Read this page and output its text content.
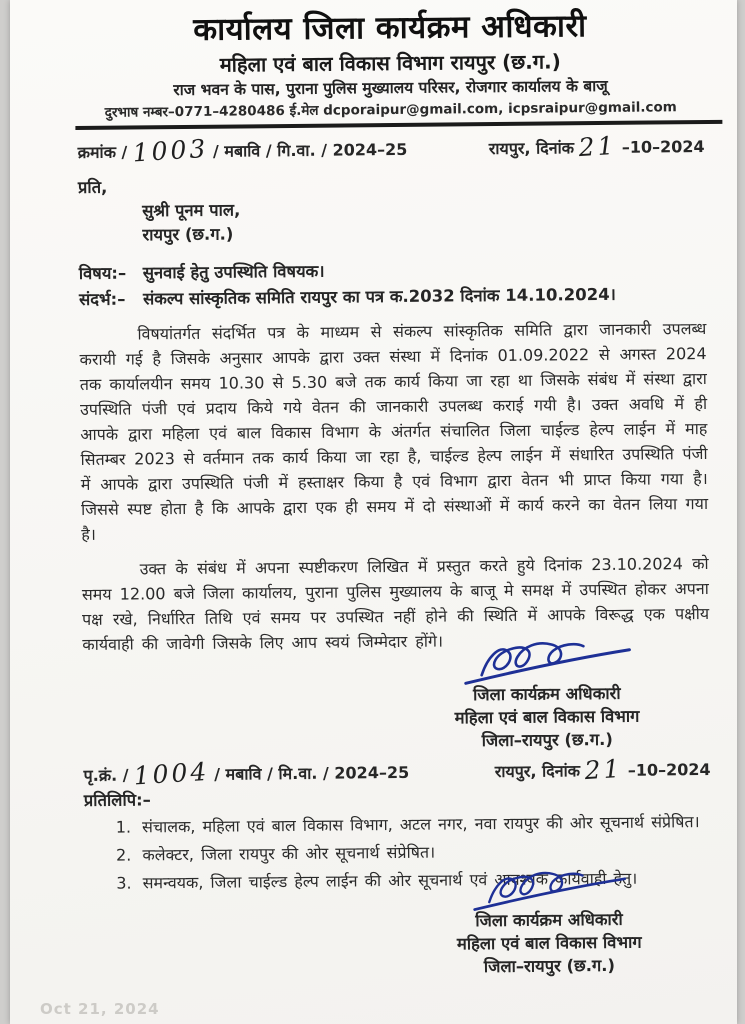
कार्यालय जिला कार्यक्रम अधिकारी
महिला एवं बाल विकास विभाग रायपुर (छ.ग.)
राज भवन के पास, पुराना पुलिस मुख्यालय परिसर, रोजगार कार्यालय के बाजू
दुरभाष नम्बर–0771–4280486 ई.मेल dcporaipur@gmail.com, icpsraipur@gmail.com
क्रमांक / 1003 / मबावि / गि.वा. / 2024–25	रायपुर, दिनांक 21 –10–2024
प्रति,
सुश्री पूनम पाल,
रायपुर (छ.ग.)
विषय:– सुनवाई हेतु उपस्थिति विषयक।
संदर्भ:–	संकल्प सांस्कृतिक समिति रायपुर का पत्र क.2032 दिनांक 14.10.2024।

विषयांतर्गत संदर्भित पत्र के माध्यम से संकल्प सांस्कृतिक समिति द्वारा जानकारी उपलब्ध करायी गई है जिसके अनुसार आपके द्वारा उक्त संस्था में दिनांक 01.09.2022 से अगस्त 2024 तक कार्यालयीन समय 10.30 से 5.30 बजे तक कार्य किया जा रहा था जिसके संबंध में संस्था द्वारा उपस्थिति पंजी एवं प्रदाय किये गये वेतन की जानकारी उपलब्ध कराई गयी है। उक्त अवधि में ही आपके द्वारा महिला एवं बाल विकास विभाग के अंतर्गत संचालित जिला चाईल्ड हेल्प लाईन में माह सितम्बर 2023 से वर्तमान तक कार्य किया जा रहा है, चाईल्ड हेल्प लाईन में संधारित उपस्थिति पंजी में आपके द्वारा उपस्थिति पंजी में हस्ताक्षर किया है एवं विभाग द्वारा वेतन भी प्राप्त किया गया है। जिससे स्पष्ट होता है कि आपके द्वारा एक ही समय में दो संस्थाओं में कार्य करने का वेतन लिया गया है।

उक्त के संबंध में अपना स्पष्टीकरण लिखित में प्रस्तुत करते हुये दिनांक 23.10.2024 को समय 12.00 बजे जिला कार्यालय, पुराना पुलिस मुख्यालय के बाजू मे समक्ष में उपस्थित होकर अपना पक्ष रखे, निर्धारित तिथि एवं समय पर उपस्थित नहीं होने की स्थिति में आपके विरूद्ध एक पक्षीय कार्यवाही की जावेगी जिसके लिए आप स्वयं जिम्मेदार होंगे।

जिला कार्यक्रम अधिकारी
महिला एवं बाल विकास विभाग
जिला–रायपुर (छ.ग.)
पृ.क्रं. / 1004 / मबावि / मि.वा. / 2024–25	रायपुर, दिनांक 21 –10–2024
प्रतिलिपि:–
1. संचालक, महिला एवं बाल विकास विभाग, अटल नगर, नवा रायपुर की ओर सूचनार्थ संप्रेषित।
2. कलेक्टर, जिला रायपुर की ओर सूचनार्थ संप्रेषित।
3. समन्वयक, जिला चाईल्ड हेल्प लाईन की ओर सूचनार्थ एवं आवश्यक कार्यवाही हेतु।
जिला कार्यक्रम अधिकारी
महिला एवं बाल विकास विभाग
जिला–रायपुर (छ.ग.)
Oct 21, 2024
